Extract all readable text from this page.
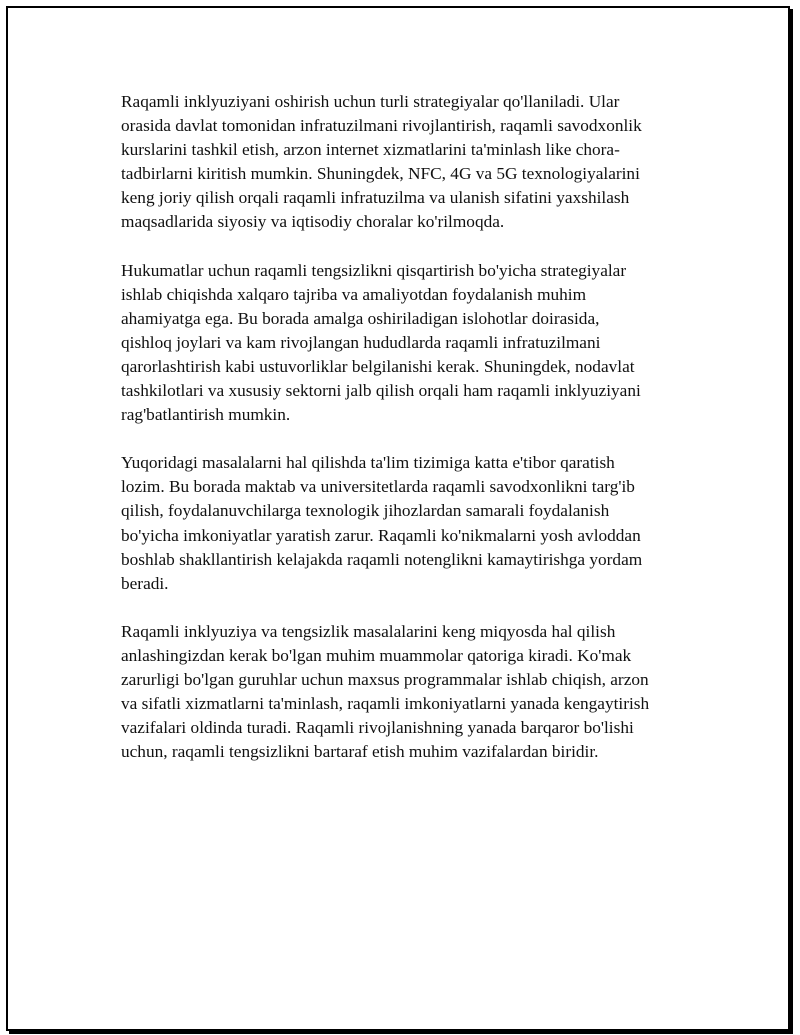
Raqamli inklyuziyani oshirish uchun turli strategiyalar qo'llaniladi. Ular
orasida davlat tomonidan infratuzilmani rivojlantirish, raqamli savodxonlik
kurslarini tashkil etish, arzon internet xizmatlarini ta'minlash like chora-
tadbirlarni kiritish mumkin. Shuningdek, NFC, 4G va 5G texnologiyalarini
keng joriy qilish orqali raqamli infratuzilma va ulanish sifatini yaxshilash
maqsadlarida siyosiy va iqtisodiy choralar ko'rilmoqda.

Hukumatlar uchun raqamli tengsizlikni qisqartirish bo'yicha strategiyalar
ishlab chiqishda xalqaro tajriba va amaliyotdan foydalanish muhim
ahamiyatga ega. Bu borada amalga oshiriladigan islohotlar doirasida,
qishloq joylari va kam rivojlangan hududlarda raqamli infratuzilmani
qarorlashtirish kabi ustuvorliklar belgilanishi kerak. Shuningdek, nodavlat
tashkilotlari va xususiy sektorni jalb qilish orqali ham raqamli inklyuziyani
rag'batlantirish mumkin.

Yuqoridagi masalalarni hal qilishda ta'lim tizimiga katta e'tibor qaratish
lozim. Bu borada maktab va universitetlarda raqamli savodxonlikni targ'ib
qilish, foydalanuvchilarga texnologik jihozlardan samarali foydalanish
bo'yicha imkoniyatlar yaratish zarur. Raqamli ko'nikmalarni yosh avloddan
boshlab shakllantirish kelajakda raqamli notenglikni kamaytirishga yordam
beradi.

Raqamli inklyuziya va tengsizlik masalalarini keng miqyosda hal qilish
anlashingizdan kerak bo'lgan muhim muammolar qatoriga kiradi. Ko'mak
zarurligi bo'lgan guruhlar uchun maxsus programmalar ishlab chiqish, arzon
va sifatli xizmatlarni ta'minlash, raqamli imkoniyatlarni yanada kengaytirish
vazifalari oldinda turadi. Raqamli rivojlanishning yanada barqaror bo'lishi
uchun, raqamli tengsizlikni bartaraf etish muhim vazifalardan biridir.
